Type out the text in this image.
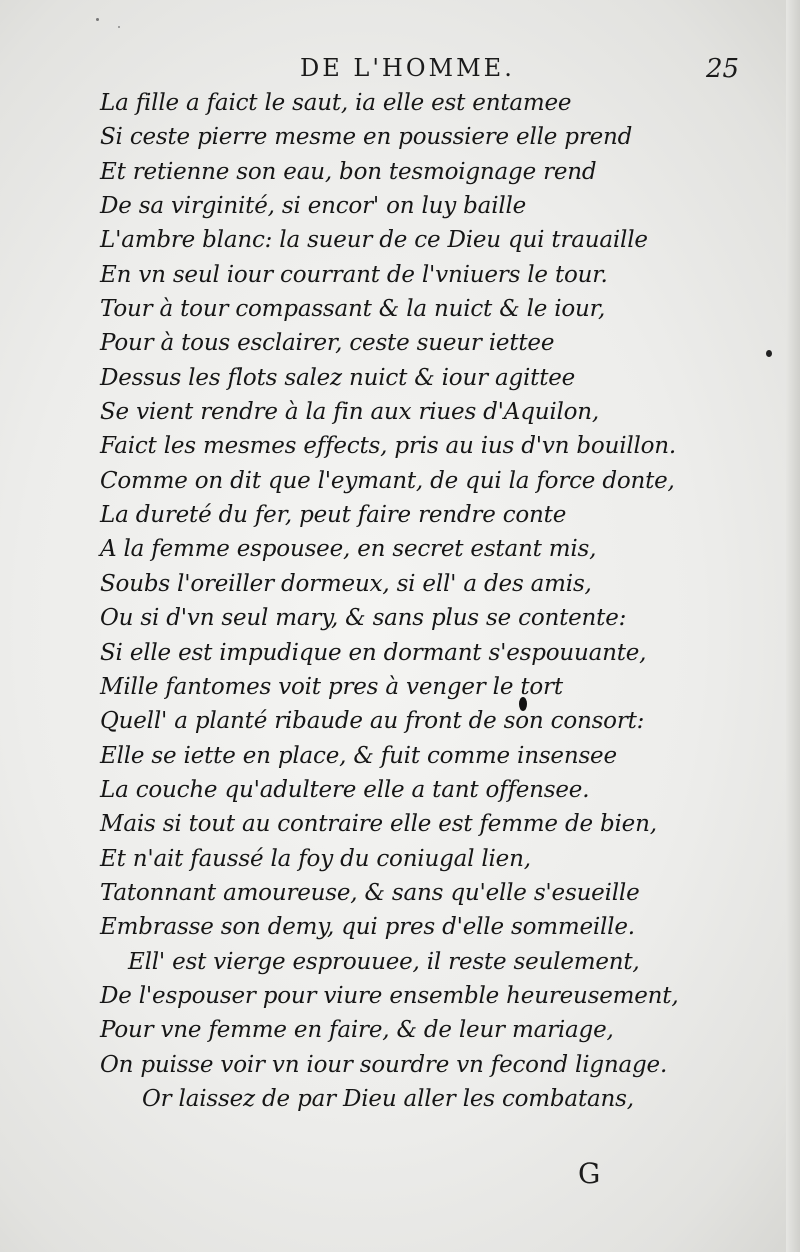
DE L'HOMME.	25
La fille a faict le saut, ia elle est entamee
Si ceste pierre mesme en poussiere elle prend
Et retienne son eau, bon tesmoignage rend
De sa virginité, si encor' on luy baille
L'ambre blanc: la sueur de ce Dieu qui trauaille
En vn seul iour courrant de l'vniuers le tour.
Tour à tour compassant & la nuict & le iour,
Pour à tous esclairer, ceste sueur iettee
Dessus les flots salez nuict & iour agittee
Se vient rendre à la fin aux riues d'Aquilon,
Faict les mesmes effects, pris au ius d'vn bouillon.
Comme on dit que l'eymant, de qui la force donte,
La dureté du fer, peut faire rendre conte
A la femme espousee, en secret estant mis,
Soubs l'oreiller dormeux, si ell' a des amis,
Ou si d'vn seul mary, & sans plus se contente:
Si elle est impudique en dormant s'espouuante,
Mille fantomes voit pres à venger le tort
Quell' a planté ribaude au front de son consort:
Elle se iette en place, & fuit comme insensee
La couche qu'adultere elle a tant offensee.
Mais si tout au contraire elle est femme de bien,
Et n'ait faussé la foy du coniugal lien,
Tatonnant amoureuse, & sans qu'elle s'esueille
Embrasse son demy, qui pres d'elle sommeille.
Ell' est vierge esprouuee, il reste seulement,
De l'espouser pour viure ensemble heureusement,
Pour vne femme en faire, & de leur mariage,
On puisse voir vn iour sourdre vn fecond lignage.
Or laissez de par Dieu aller les combatans,
G
